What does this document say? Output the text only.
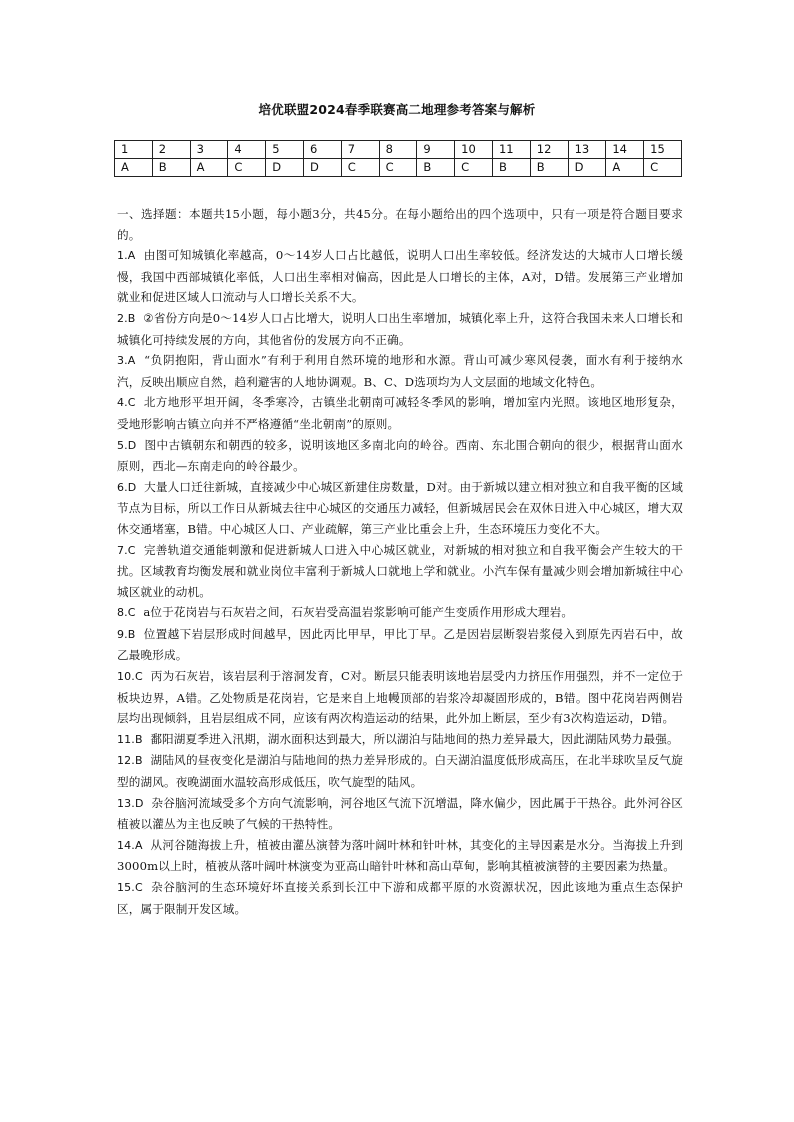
培优联盟2024春季联赛高二地理参考答案与解析
1	2	3	4	5	6	7	8	9	10	11	12	13	14	15
A	B	A	C	D	D	C	C	B	C	B	B	D	A	C

一、选择题：本题共15小题，每小题3分，共45分。在每小题给出的四个选项中，只有一项是符合题目要求的。

1.A 由图可知城镇化率越高，0～14岁人口占比越低，说明人口出生率较低。经济发达的大城市人口增长缓慢，我国中西部城镇化率低，人口出生率相对偏高，因此是人口增长的主体，A对，D错。发展第三产业增加就业和促进区域人口流动与人口增长关系不大。

2.B ②省份方向是0～14岁人口占比增大，说明人口出生率增加，城镇化率上升，这符合我国未来人口增长和城镇化可持续发展的方向，其他省份的发展方向不正确。

3.A “负阴抱阳，背山面水”有利于利用自然环境的地形和水源。背山可减少寒风侵袭，面水有利于接纳水汽，反映出顺应自然，趋利避害的人地协调观。B、C、D选项均为人文层面的地域文化特色。

4.C 北方地形平坦开阔，冬季寒冷，古镇坐北朝南可减轻冬季风的影响，增加室内光照。该地区地形复杂，受地形影响古镇立向并不严格遵循“坐北朝南”的原则。

5.D 图中古镇朝东和朝西的较多，说明该地区多南北向的岭谷。西南、东北围合朝向的很少，根据背山面水原则，西北—东南走向的岭谷最少。

6.D 大量人口迁往新城，直接减少中心城区新建住房数量，D对。由于新城以建立相对独立和自我平衡的区域节点为目标，所以工作日从新城去往中心城区的交通压力减轻，但新城居民会在双休日进入中心城区，增大双休交通堵塞，B错。中心城区人口、产业疏解，第三产业比重会上升，生态环境压力变化不大。

7.C 完善轨道交通能刺激和促进新城人口进入中心城区就业，对新城的相对独立和自我平衡会产生较大的干扰。区域教育均衡发展和就业岗位丰富利于新城人口就地上学和就业。小汽车保有量减少则会增加新城往中心城区就业的动机。

8.C a位于花岗岩与石灰岩之间，石灰岩受高温岩浆影响可能产生变质作用形成大理岩。

9.B 位置越下岩层形成时间越早，因此丙比甲早，甲比丁早。乙是因岩层断裂岩浆侵入到原先丙岩石中，故乙最晚形成。

10.C 丙为石灰岩，该岩层利于溶洞发育，C对。断层只能表明该地岩层受内力挤压作用强烈，并不一定位于板块边界，A错。乙处物质是花岗岩，它是来自上地幔顶部的岩浆冷却凝固形成的，B错。图中花岗岩两侧岩层均出现倾斜，且岩层组成不同，应该有两次构造运动的结果，此外加上断层，至少有3次构造运动，D错。

11.B 鄱阳湖夏季进入汛期，湖水面积达到最大，所以湖泊与陆地间的热力差异最大，因此湖陆风势力最强。

12.B 湖陆风的昼夜变化是湖泊与陆地间的热力差异形成的。白天湖泊温度低形成高压，在北半球吹呈反气旋型的湖风。夜晚湖面水温较高形成低压，吹气旋型的陆风。

13.D 杂谷脑河流域受多个方向气流影响，河谷地区气流下沉增温，降水偏少，因此属于干热谷。此外河谷区植被以灌丛为主也反映了气候的干热特性。

14.A 从河谷随海拔上升，植被由灌丛演替为落叶阔叶林和针叶林，其变化的主导因素是水分。当海拔上升到3000m以上时，植被从落叶阔叶林演变为亚高山暗针叶林和高山草甸，影响其植被演替的主要因素为热量。

15.C 杂谷脑河的生态环境好坏直接关系到长江中下游和成都平原的水资源状况，因此该地为重点生态保护区，属于限制开发区域。
